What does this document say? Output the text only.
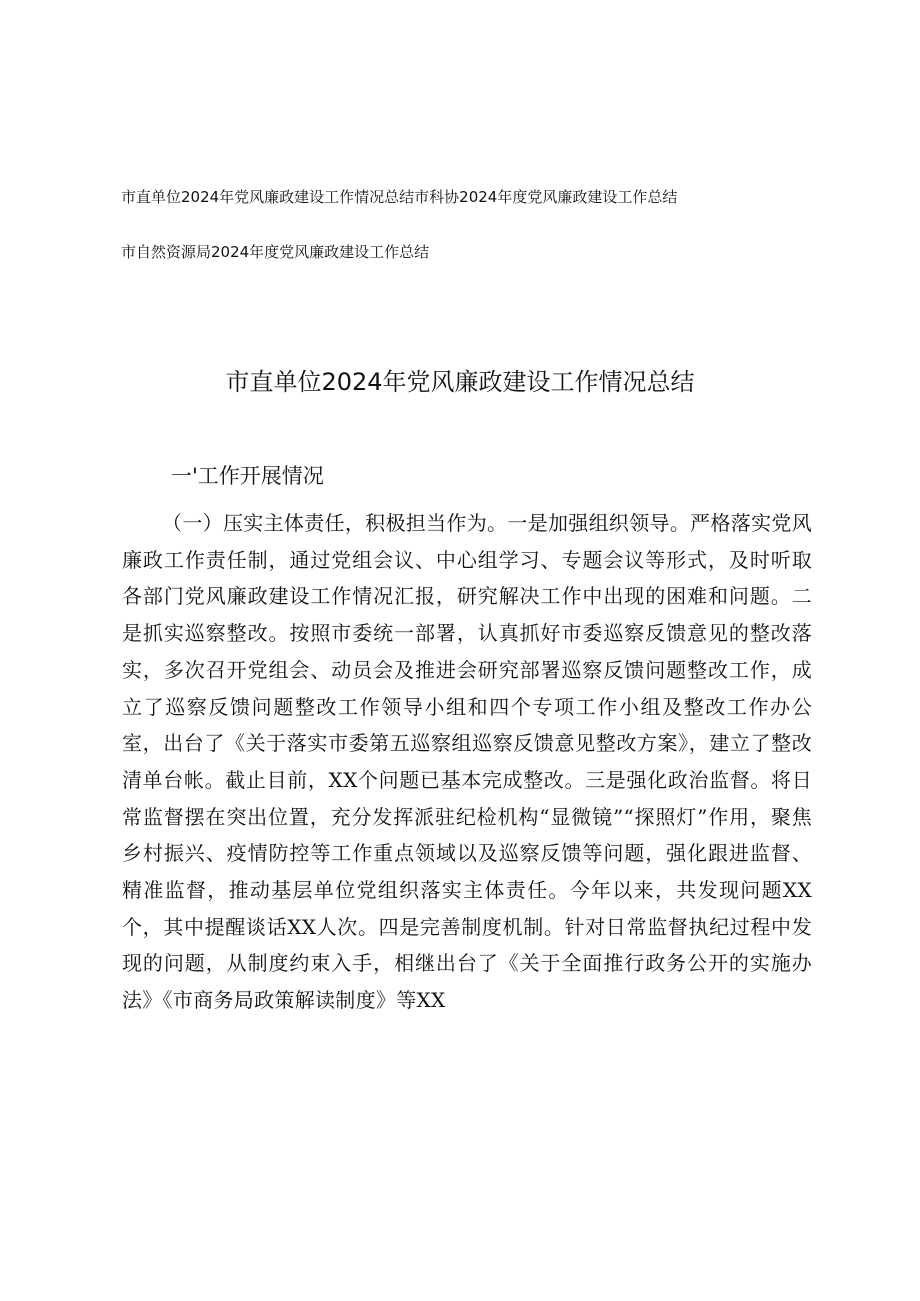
市直单位2024年党风廉政建设工作情况总结市科协2024年度党风廉政建设工作总结
市自然资源局2024年度党风廉政建设工作总结
市直单位2024年党风廉政建设工作情况总结
一'工作开展情况
（一）压实主体责任，积极担当作为。一是加强组织领导。严格落实党风廉政工作责任制，通过党组会议、中心组学习、专题会议等形式，及时听取各部门党风廉政建设工作情况汇报，研究解决工作中出现的困难和问题。二是抓实巡察整改。按照市委统一部署，认真抓好市委巡察反馈意见的整改落实，多次召开党组会、动员会及推进会研究部署巡察反馈问题整改工作，成立了巡察反馈问题整改工作领导小组和四个专项工作小组及整改工作办公室，出台了《关于落实市委第五巡察组巡察反馈意见整改方案》，建立了整改清单台帐。截止目前，XX个问题已基本完成整改。三是强化政治监督。将日常监督摆在突出位置，充分发挥派驻纪检机构“显微镜”“探照灯”作用，聚焦乡村振兴、疫情防控等工作重点领域以及巡察反馈等问题，强化跟进监督、精准监督，推动基层单位党组织落实主体责任。今年以来，共发现问题XX个，其中提醒谈话XX人次。四是完善制度机制。针对日常监督执纪过程中发现的问题，从制度约束入手，相继出台了《关于全面推行政务公开的实施办法》《市商务局政策解读制度》等XX
